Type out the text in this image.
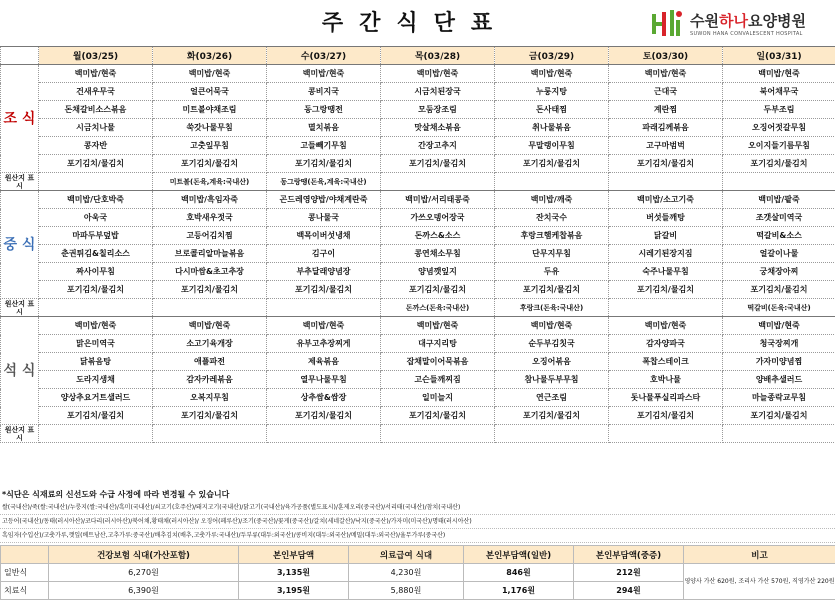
주간식단표	수원하나요양병원
SUWON HANA CONVALESCENT HOSPITAL
	월(03/25)	화(03/26)	수(03/27)	목(03/28)	금(03/29)	토(03/30)	일(03/31)
조 식	백미밥/현죽	백미밥/현죽	백미밥/현죽	백미밥/현죽	백미밥/현죽	백미밥/현죽	백미밥/현죽
	건새우무국	얼큰어묵국	콩비지국	시금치된장국	누룽지탕	근대국	북어채무국
	돈채갈비소스볶음	미트볼야채조림	동그랑땡전	모둠장조림	돈사태찜	계란찜	두부조림
	시금치나물	쑥갓나물무침	멸치볶음	맛살채소볶음	취나물볶음	파래김께볶음	오징어젓갈무침
	콩자반	고춧잎무침	고들빼기무침	간장고추지	무말랭이무침	고구마범벅	오이지들기름무침
	포기김치/물김치	포기김치/물김치	포기김치/물김치	포기김치/물김치	포기김치/물김치	포기김치/물김치	포기김치/물김치
원산지 표시		미트볼(돈육,계육:국내산)	동그랑땡(돈육,계육:국내산)				
중 식	백미밥/단호박죽	백미밥/흑임자죽	곤드레영양밥/야채계란죽	백미밥/서리태콩죽	백미밥/깨죽	백미밥/소고기죽	백미밥/팥죽
	아욱국	호박새우젓국	콩나물국	가쓰오뎅어장국	잔치국수	버섯들깨탕	조갯살미역국
	마파두부덮밥	고등어김치찜	백목이버섯냉채	돈까스&소스	후랑크햄케찹볶음	닭갈비	떡갈비&소스
	춘권튀김&칠리소스	브로콜리알마늘볶음	김구이	콩연채소무침	단무지무침	시레기된장지짐	얼갈이나물
	짜사이무침	다시마쌈&초고추장	부추달래양념장	양념깻잎지	두유	숙주나물무침	궁채장아찌
	포기김치/물김치	포기김치/물김치	포기김치/물김치	포기김치/물김치	포기김치/물김치	포기김치/물김치	포기김치/물김치
원산지 표시				돈까스(돈육:국내산)	후랑크(돈육:국내산)		떡갈비(돈육:국내산)
석 식	백미밥/현죽	백미밥/현죽	백미밥/현죽	백미밥/현죽	백미밥/현죽	백미밥/현죽	백미밥/현죽
	맑은미역국	소고기육개장	유부고추장찌게	대구지리탕	순두부김칫국	감자양파국	청국장찌개
	닭볶음탕	애플파전	제육볶음	잡채말이어묵볶음	오징어볶음	폭찹스테이크	가자미양념찜
	도라지생채	감자카레볶음	열무나물무침	고슨들깨찌짐	참나물두부무침	호박나물	양배추샐러드
	양상추요거트샐러드	오복지무침	상추쌈&쌈장	일미늘지	연근조림	돗나물푸실리파스타	마늘종락교무침
	포기김치/물김치	포기김치/물김치	포기김치/물김치	포기김치/물김치	포기김치/물김치	포기김치/물김치	포기김치/물김치
원산지 표시							
*식단은 식재료의 신선도와 수급 사정에 따라 변경될 수 있습니다
쌀(국내산)/죽(쌀:국내산)/누룽지(쌀:국내산)/흑미(국내산)/쇠고기(호주산)/돼지고기(국내산)/닭고기(국내산)/육가공품(별도표시)/훈제오리(중국산)/서리태(국내산)/참치(국내산)
고등어(국내산)/동태(러시아산)/코다리(러시아산)/북어채,황태채(러시아산)/ 오징어(페루산)/조기(중국산)/꽃게(중국산)/갈치(세네갈산)/낙지(중국산)/가자미(미국산)/명태(러시아산)
흑임자(수입산)/고춧가루,깻잎(베트남산,고추가루:중국산)/배추김치(배추,고춧가루:국내산)/두부류(대두:외국산)/콩비지(대두:외국산)/메밀(대두:외국산)/율무가루(중국산)
	건강보험 식대(가산포함)	본인부담액	의료급여 식대	본인부담액(일반)	본인부담액(중증)	비고
일반식	6,270원	3,135원	4,230원	846원	212원	영양사 가산 620원, 조리사 가산 570원, 직영가산 220원
치료식	6,390원	3,195원	5,880원	1,176원	294원	
